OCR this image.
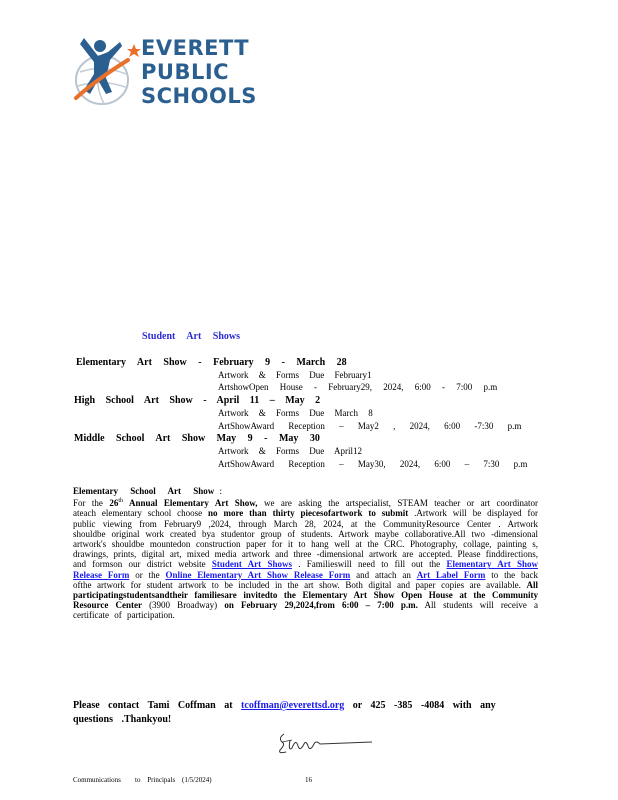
EVERETT
PUBLIC
SCHOOLS
Student Art Shows
Elementary Art Show - February 9 - March 28
Artwork & Forms Due February1
ArtshowOpen House - February29, 2024, 6:00 - 7:00 p.m
High School Art Show - April 11 – May 2
Artwork & Forms Due March 8
ArtShowAward Reception – May2 , 2024, 6:00 -7:30 p.m
Middle School Art Show May 9 - May 30
Artwork & Forms Due April12
ArtShowAward Reception – May30, 2024, 6:00 – 7:30 p.m
Elementary School Art Show :
For the 26th Annual Elementary Art Show, we are asking the artspecialist, STEAM teacher or art coordinator ateach elementary school choose no more than thirty piecesofartwork to submit .Artwork will be displayed for public viewing from February9 ,2024, through March 28, 2024, at the CommunityResource Center . Artwork shouldbe original work created bya studentor group of students. Artwork maybe collaborative.All two -dimensional artwork's shouldbe mountedon construction paper for it to hang well at the CRC. Photography, collage, painting s, drawings, prints, digital art, mixed media artwork and three -dimensional artwork are accepted. Please finddirections, and formson our district website Student Art Shows . Familieswill need to fill out the Elementary Art Show Release Form or the Online Elementary Art Show Release Form and attach an Art Label Form to the back ofthe artwork for student artwork to be included in the art show. Both digital and paper copies are available. All participatingstudentsandtheir familiesare invitedto the Elementary Art Show Open House at the Community Resource Center (3900 Broadway) on February 29,2024,from 6:00 – 7:00 p.m. All students will receive a certificate of participation.
Please contact Tami Coffman at tcoffman@everettsd.org or 425 -385 -4084 with any questions .Thankyou!
Communications to Principals (1/5/2024)	16
